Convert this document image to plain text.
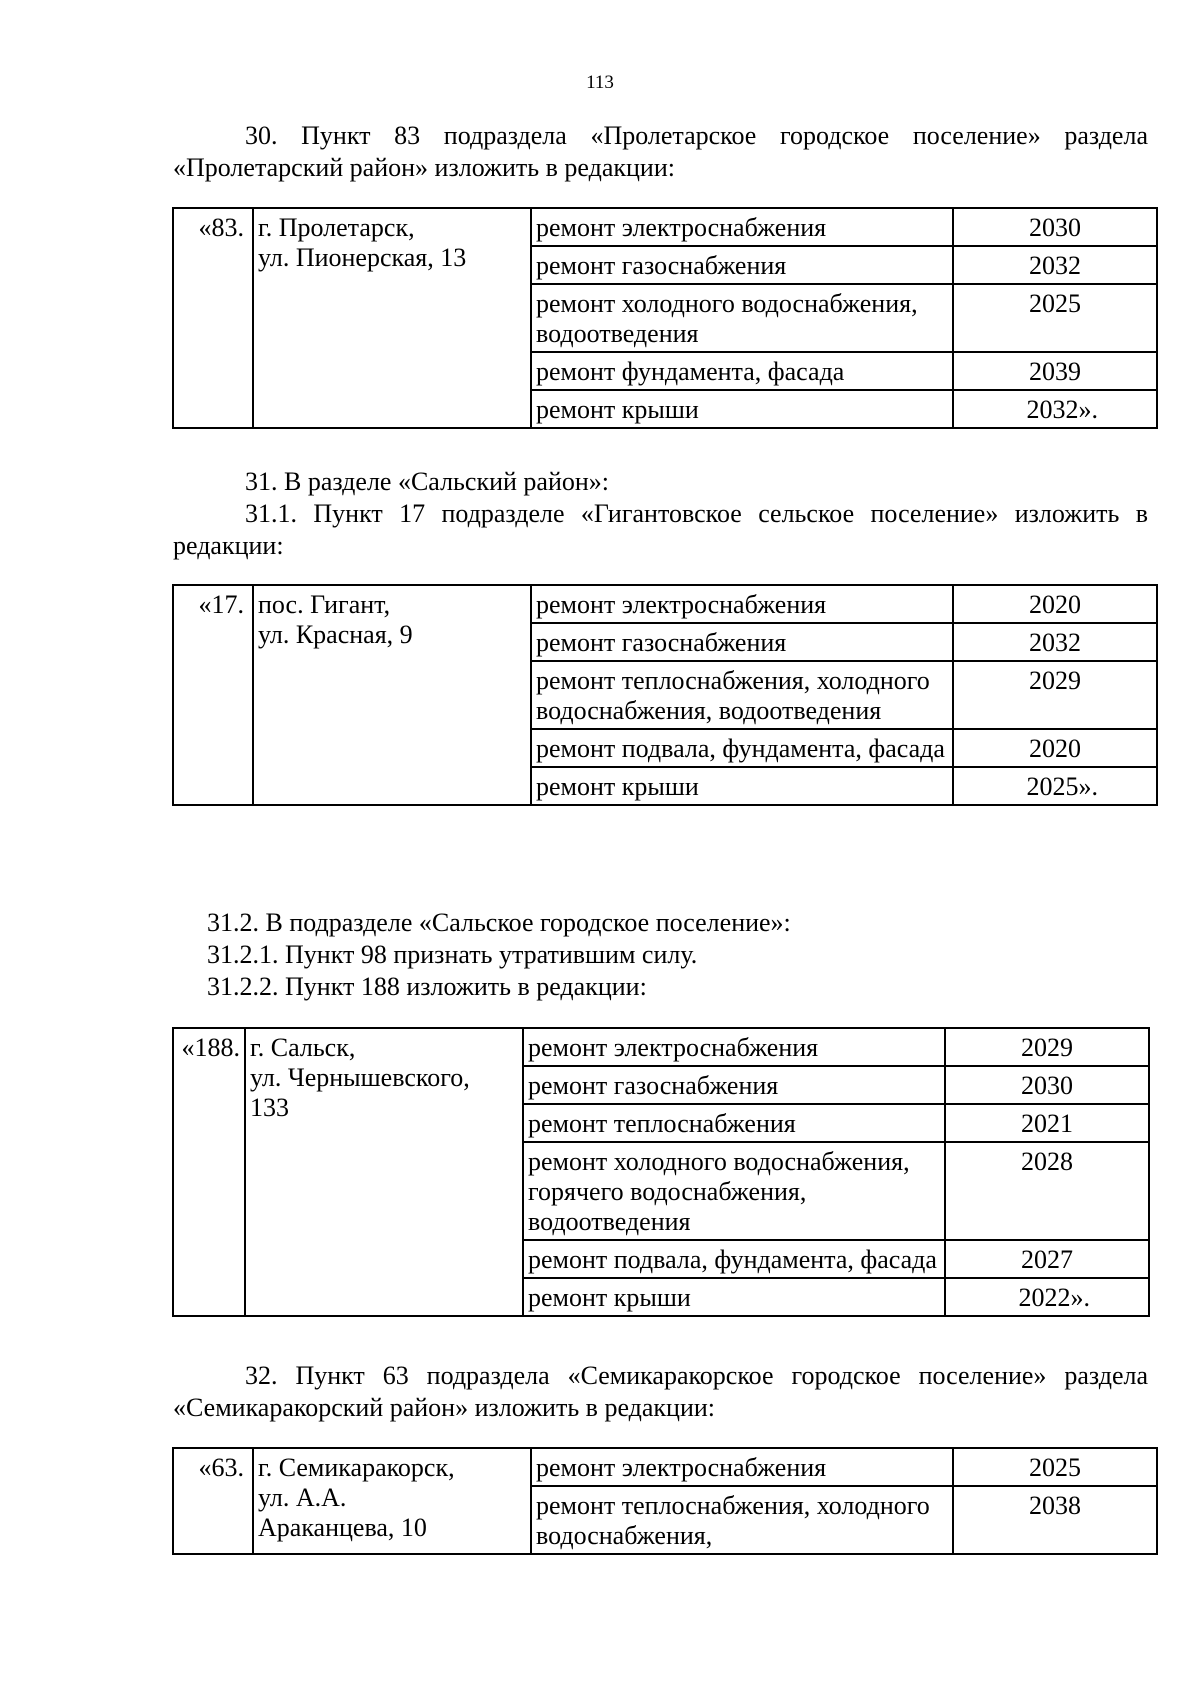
113

30. Пункт 83 подраздела «Пролетарское городское поселение» раздела «Пролетарский район» изложить в редакции:

«83.	г. Пролетарск,
ул. Пионерская, 13	ремонт электроснабжения	2030
		ремонт газоснабжения	2032
		ремонт холодного водоснабжения, водоотведения	2025
		ремонт фундамента, фасада	2039
		ремонт крыши	2032».

31. В разделе «Сальский район»:

31.1. Пункт 17 подразделе «Гигантовское сельское поселение» изложить в редакции:

«17.	пос. Гигант,
ул. Красная, 9	ремонт электроснабжения	2020
		ремонт газоснабжения	2032
		ремонт теплоснабжения, холодного водоснабжения, водоотведения	2029
		ремонт подвала, фундамента, фасада	2020
		ремонт крыши	2025».

31.2. В подразделе «Сальское городское поселение»:

31.2.1. Пункт 98 признать утратившим силу.

31.2.2. Пункт 188 изложить в редакции:

«188.	г. Сальск,
ул. Чернышевского,
133	ремонт электроснабжения	2029
		ремонт газоснабжения	2030
		ремонт теплоснабжения	2021
		ремонт холодного водоснабжения, горячего водоснабжения, водоотведения	2028
		ремонт подвала, фундамента, фасада	2027
		ремонт крыши	2022».

32. Пункт 63 подраздела «Семикаракорское городское поселение» раздела «Семикаракорский район» изложить в редакции:

«63.	г. Семикаракорск,
ул. А.А.
Араканцева, 10	ремонт электроснабжения	2025
		ремонт теплоснабжения, холодного водоснабжения,	2038
